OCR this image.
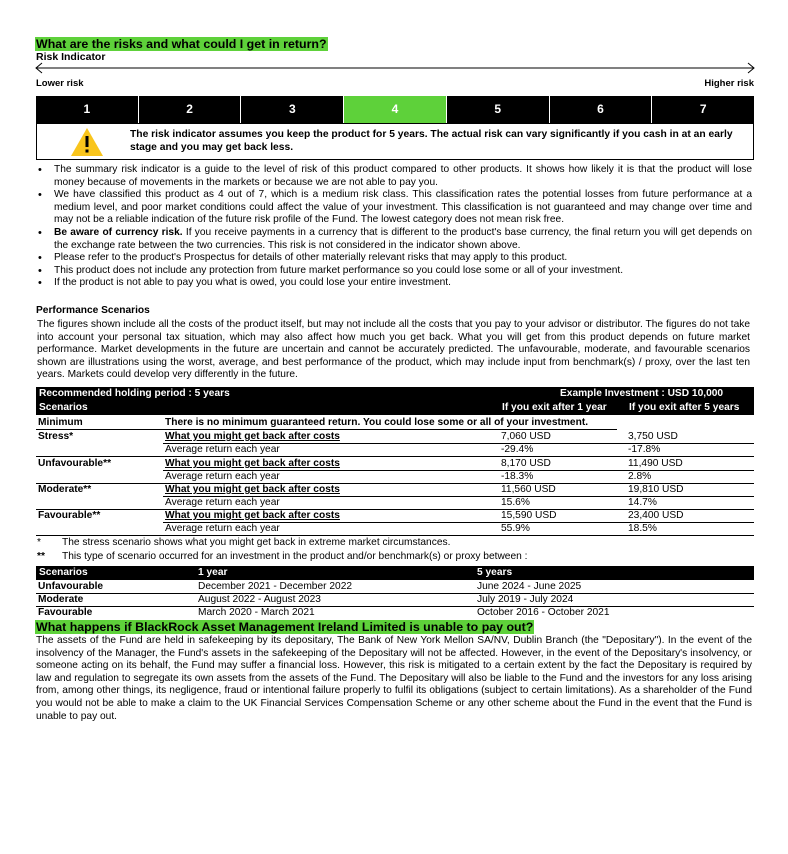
What are the risks and what could I get in return?
Risk Indicator
Lower risk	Higher risk
1	2	3	4	5	6	7
The risk indicator assumes you keep the product for 5 years. The actual risk can vary significantly if you cash in at an early stage and you may get back less.
• The summary risk indicator is a guide to the level of risk of this product compared to other products. It shows how likely it is that the product will lose money because of movements in the markets or because we are not able to pay you.
• We have classified this product as 4 out of 7, which is a medium risk class. This classification rates the potential losses from future performance at a medium level, and poor market conditions could affect the value of your investment. This classification is not guaranteed and may change over time and may not be a reliable indication of the future risk profile of the Fund. The lowest category does not mean risk free.
• Be aware of currency risk. If you receive payments in a currency that is different to the product's base currency, the final return you will get depends on the exchange rate between the two currencies. This risk is not considered in the indicator shown above.
• Please refer to the product's Prospectus for details of other materially relevant risks that may apply to this product.
• This product does not include any protection from future market performance so you could lose some or all of your investment.
• If the product is not able to pay you what is owed, you could lose your entire investment.
Performance Scenarios
The figures shown include all the costs of the product itself, but may not include all the costs that you pay to your advisor or distributor. The figures do not take into account your personal tax situation, which may also affect how much you get back. What you will get from this product depends on future market performance. Market developments in the future are uncertain and cannot be accurately predicted. The unfavourable, moderate, and favourable scenarios shown are illustrations using the worst, average, and best performance of the product, which may include input from benchmark(s) / proxy, over the last ten years. Markets could develop very differently in the future.
Recommended holding period : 5 years	Example Investment : USD 10,000
Scenarios	If you exit after 1 year If you exit after 5 years
Minimum	There is no minimum guaranteed return. You could lose some or all of your investment.
Stress*	What you might get back after costs	7,060 USD	3,750 USD
Average return each year	-29.4%	-17.8%
Unfavourable**	What you might get back after costs	8,170 USD	11,490 USD
Average return each year	-18.3%	2.8%
Moderate**	What you might get back after costs	11,560 USD	19,810 USD
Average return each year	15.6%	14.7%
Favourable**	What you might get back after costs	15,590 USD	23,400 USD
Average return each year	55.9%	18.5%
* The stress scenario shows what you might get back in extreme market circumstances.
** This type of scenario occurred for an investment in the product and/or benchmark(s) or proxy between :
Scenarios	1 year	5 years
Unfavourable	December 2021 - December 2022	June 2024 - June 2025
Moderate	August 2022 - August 2023	July 2019 - July 2024
Favourable	March 2020 - March 2021	October 2016 - October 2021
What happens if BlackRock Asset Management Ireland Limited is unable to pay out?
The assets of the Fund are held in safekeeping by its depositary, The Bank of New York Mellon SA/NV, Dublin Branch (the "Depositary"). In the event of the insolvency of the Manager, the Fund's assets in the safekeeping of the Depositary will not be affected. However, in the event of the Depositary's insolvency, or someone acting on its behalf, the Fund may suffer a financial loss. However, this risk is mitigated to a certain extent by the fact the Depositary is required by law and regulation to segregate its own assets from the assets of the Fund. The Depositary will also be liable to the Fund and the investors for any loss arising from, among other things, its negligence, fraud or intentional failure properly to fulfil its obligations (subject to certain limitations). As a shareholder of the Fund you would not be able to make a claim to the UK Financial Services Compensation Scheme or any other scheme about the Fund in the event that the Fund is unable to pay out.
